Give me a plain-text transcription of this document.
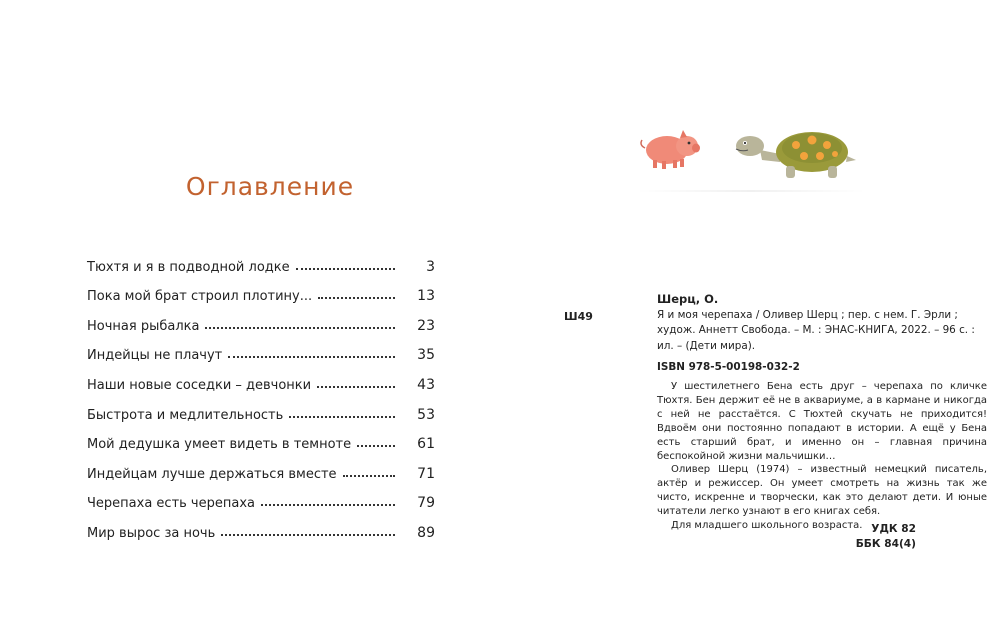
Оглавление
Тюхтя и я в подводной лодке	3
Пока мой брат строил плотину...	13
Ночная рыбалка	23
Индейцы не плачут	35
Наши новые соседки – девчонки	43
Быстрота и медлительность	53
Мой дедушка умеет видеть в темноте	61
Индейцам лучше держаться вместе	71
Черепаха есть черепаха	79
Мир вырос за ночь	89
Шерц, О.
Ш49	Я и моя черепаха / Оливер Шерц ; пер. с нем. Г. Эрли ; худож. Аннетт Свобода. – М. : ЭНАС-КНИГА, 2022. – 96 с. : ил. – (Дети мира).
ISBN 978-5-00198-032-2

У шестилетнего Бена есть друг – черепаха по кличке Тюхтя. Бен держит её не в аквариуме, а в кармане и никогда с ней не расстаётся. С Тюхтей скучать не приходится! Вдвоём они постоянно попадают в истории. А ещё у Бена есть старший брат, и именно он – главная причина беспокойной жизни мальчишки…

Оливер Шерц (1974) – известный немецкий писатель, актёр и режиссер. Он умеет смотреть на жизнь так же чисто, искренне и творчески, как это делают дети. И юные читатели легко узнают в его книгах себя.

Для младшего школьного возраста. УДК 82
ББК 84(4)
